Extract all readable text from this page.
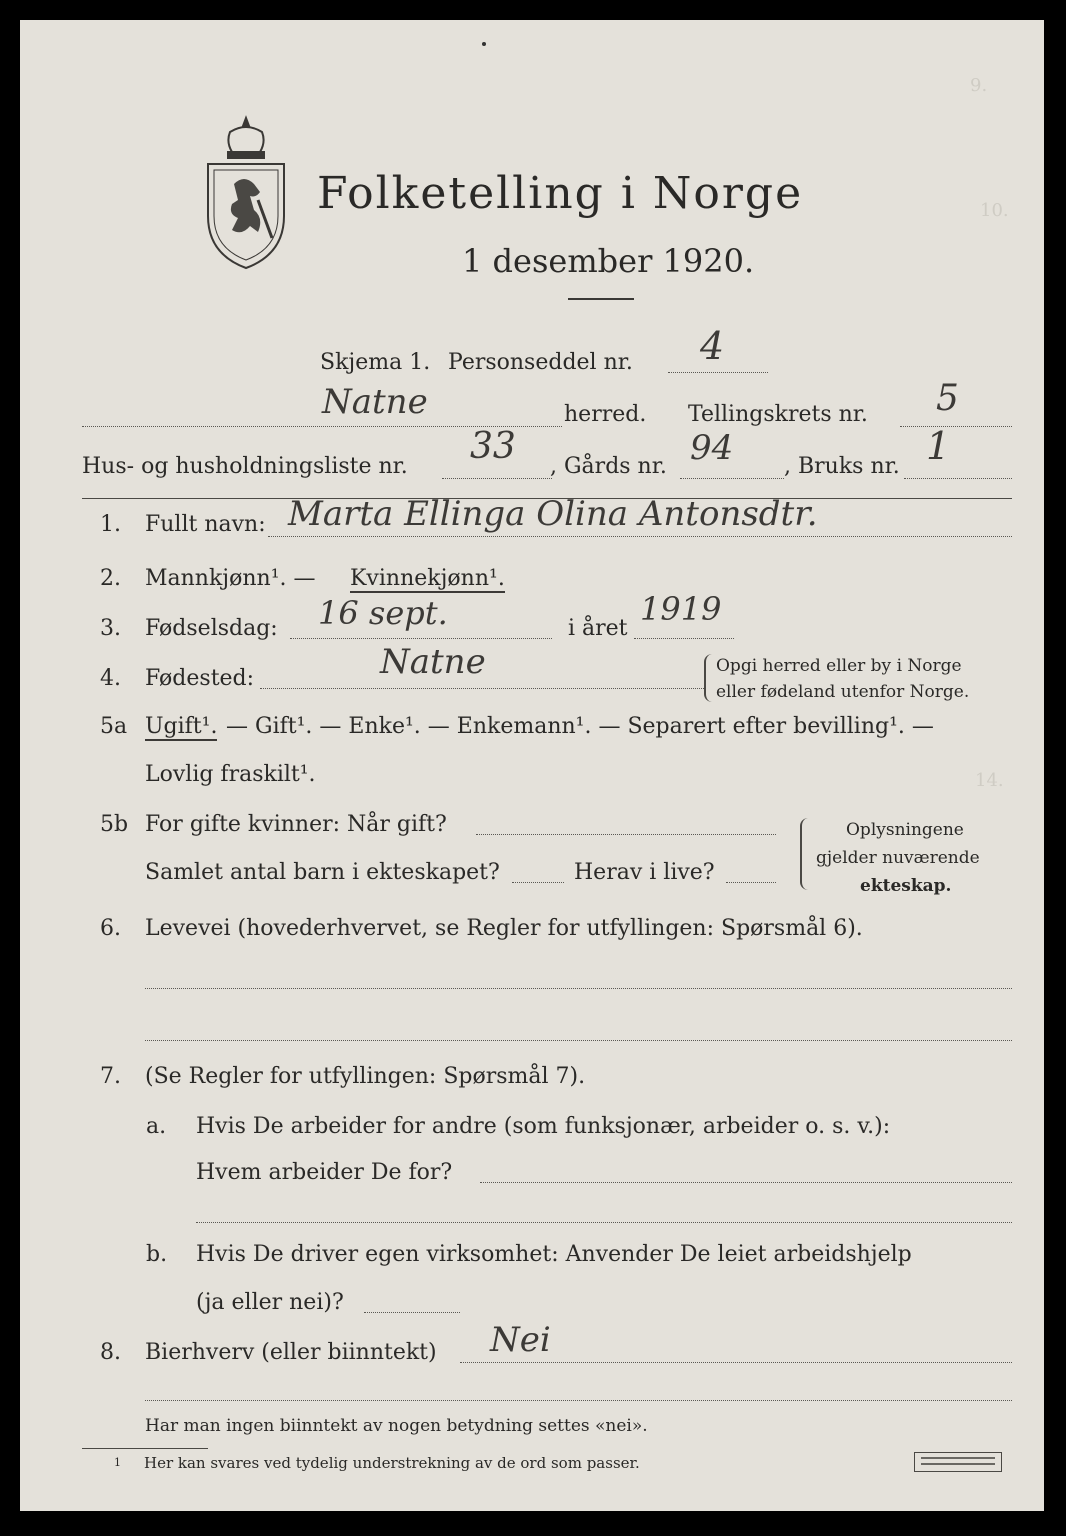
9.
10.
14.
Folketelling i Norge
1 desember 1920.
Skjema 1. Personseddel nr. 4
Natne	herred. Tellingskrets nr. 5
Hus- og husholdningsliste nr. 33 , Gårds nr. 94 , Bruks nr. 1
1. Fullt navn: Marta Ellinga Olina Antonsdtr.
2. Mannkjønn¹. — Kvinnekjønn¹.
3. Fødselsdag: 16 sept.	i året
1919
4. Fødested:	Natne	Opgi herred eller by i Norge
eller fødeland utenfor Norge.
5a Ugift¹. — Gift¹. — Enke¹. — Enkemann¹. — Separert efter bevilling¹. —
Lovlig fraskilt¹.
5b For gifte kvinner: Når gift?
Samlet antal barn i ekteskapet?	Herav i live?
Oplysningene
gjelder nuværende
ekteskap.
6. Levevei (hovederhvervet, se Regler for utfyllingen: Spørsmål 6).
7. (Se Regler for utfyllingen: Spørsmål 7).
a. Hvis De arbeider for andre (som funksjonær, arbeider o. s. v.):
Hvem arbeider De for?
b. Hvis De driver egen virksomhet: Anvender De leiet arbeidshjelp
(ja eller nei)?
8. Bierhverv (eller biinntekt) Nei
Har man ingen biinntekt av nogen betydning settes «nei».
1 Her kan svares ved tydelig understrekning av de ord som passer.
